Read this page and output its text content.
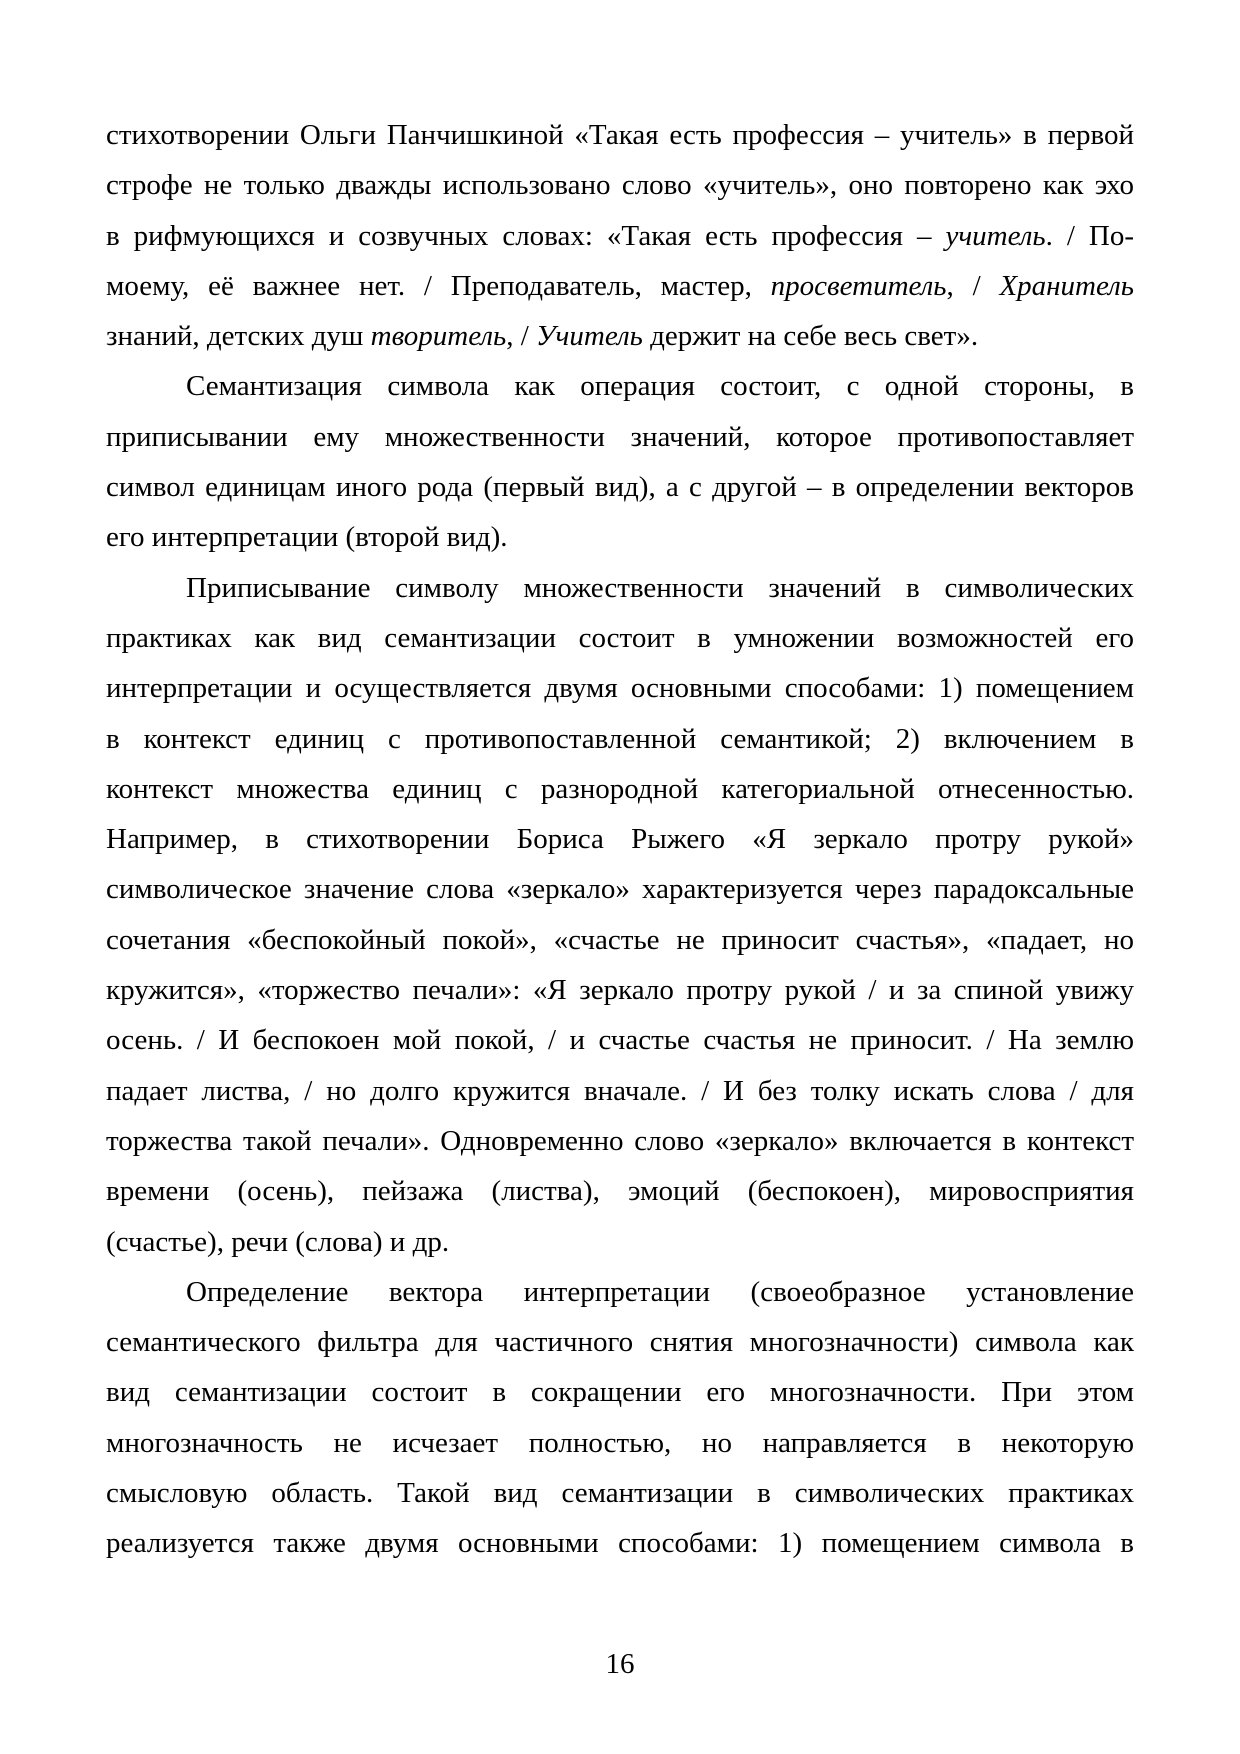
стихотворении Ольги Панчишкиной «Такая есть профессия – учитель» в первой
строфе не только дважды использовано слово «учитель», оно повторено как эхо
в рифмующихся и созвучных словах: «Такая есть профессия – учитель. / По-
моему, её важнее нет. / Преподаватель, мастер, просветитель, / Хранитель
знаний, детских душ творитель, / Учитель держит на себе весь свет».
Семантизация символа как операция состоит, с одной стороны, в
приписывании ему множественности значений, которое противопоставляет
символ единицам иного рода (первый вид), а с другой – в определении векторов
его интерпретации (второй вид).
Приписывание символу множественности значений в символических
практиках как вид семантизации состоит в умножении возможностей его
интерпретации и осуществляется двумя основными способами: 1) помещением
в контекст единиц с противопоставленной семантикой; 2) включением в
контекст множества единиц с разнородной категориальной отнесенностью.
Например, в стихотворении Бориса Рыжего «Я зеркало протру рукой»
символическое значение слова «зеркало» характеризуется через парадоксальные
сочетания «беспокойный покой», «счастье не приносит счастья», «падает, но
кружится», «торжество печали»: «Я зеркало протру рукой / и за спиной увижу
осень. / И беспокоен мой покой, / и счастье счастья не приносит. / На землю
падает листва, / но долго кружится вначале. / И без толку искать слова / для
торжества такой печали». Одновременно слово «зеркало» включается в контекст
времени (осень), пейзажа (листва), эмоций (беспокоен), мировосприятия
(счастье), речи (слова) и др.
Определение вектора интерпретации (своеобразное установление
семантического фильтра для частичного снятия многозначности) символа как
вид семантизации состоит в сокращении его многозначности. При этом
многозначность не исчезает полностью, но направляется в некоторую
смысловую область. Такой вид семантизации в символических практиках
реализуется также двумя основными способами: 1) помещением символа в
16
